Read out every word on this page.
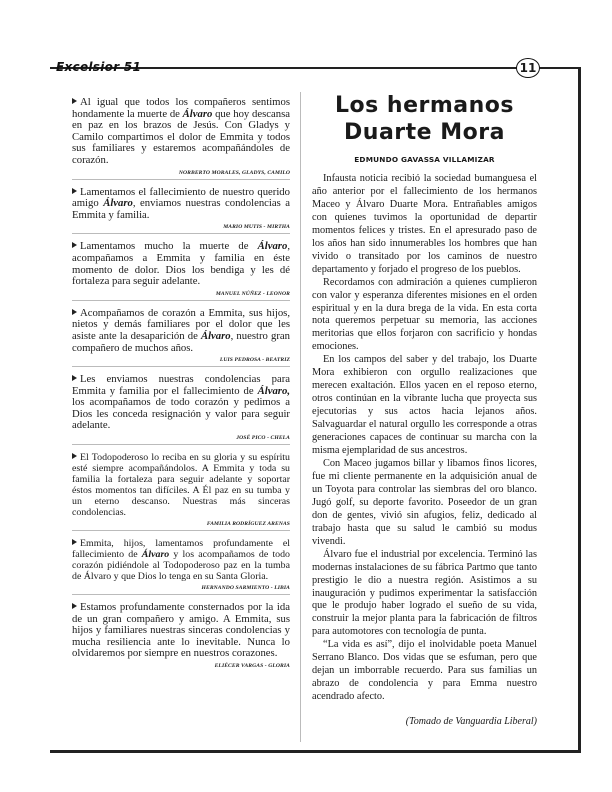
Excelsior 51	11

Al igual que todos los compañeros sentimos hondamente la muerte de Álvaro que hoy descansa en paz en los brazos de Jesús. Con Gladys y Camilo compartimos el dolor de Emmita y todos sus familiares y estaremos acompañándoles de corazón.

NORBERTO MORALES, GLADYS, CAMILO

Lamentamos el fallecimiento de nuestro querido amigo Álvaro, enviamos nuestras condolencias a Emmita y familia.

MARIO MUTIS - MIRTHA

Lamentamos mucho la muerte de Álvaro, acompañamos a Emmita y familia en éste momento de dolor. Dios los bendiga y les dé fortaleza para seguir adelante.

MANUEL NÚÑEZ - LEONOR

Acompañamos de corazón a Emmita, sus hijos, nietos y demás familiares por el dolor que les asiste ante la desaparición de Álvaro, nuestro gran compañero de muchos años.

LUIS PEDROSA - BEATRIZ

Les enviamos nuestras condolencias para Emmita y familia por el fallecimiento de Álvaro, los acompañamos de todo corazón y pedimos a Dios les conceda resignación y valor para seguir adelante.

JOSÉ PICO - CHELA

El Todopoderoso lo reciba en su gloria y su espíritu esté siempre acompañándolos. A Emmita y toda su familia la fortaleza para seguir adelante y soportar éstos momentos tan difíciles. A Él paz en su tumba y un eterno descanso. Nuestras más sinceras condolencias.

FAMILIA RODRÍGUEZ ARENAS

Emmita, hijos, lamentamos profundamente el fallecimiento de Álvaro y los acompañamos de todo corazón pidiéndole al Todopoderoso paz en la tumba de Álvaro y que Dios lo tenga en su Santa Gloria.

HERNANDO SARMIENTO - LIBIA

Estamos profundamente consternados por la ida de un gran compañero y amigo. A Emmita, sus hijos y familiares nuestras sinceras condolencias y mucha resiliencia ante lo inevitable. Nunca lo olvidaremos por siempre en nuestros corazones.

ELIÉCER VARGAS - GLORIA
Los hermanos
Duarte Mora
EDMUNDO GAVASSA VILLAMIZAR

Infausta noticia recibió la sociedad bumanguesa el año anterior por el fallecimiento de los hermanos Maceo y Álvaro Duarte Mora. Entrañables amigos con quienes tuvimos la oportunidad de departir momentos felices y tristes. En el apresurado paso de los años han sido innumerables los hombres que han vivido o transitado por los caminos de nuestro departamento y forjado el progreso de los pueblos.

Recordamos con admiración a quienes cumplieron con valor y esperanza diferentes misiones en el orden espiritual y en la dura brega de la vida. En esta corta nota queremos perpetuar su memoria, las acciones meritorias que ellos forjaron con sacrificio y hondas emociones.

En los campos del saber y del trabajo, los Duarte Mora exhibieron con orgullo realizaciones que merecen exaltación. Ellos yacen en el reposo eterno, otros continúan en la vibrante lucha que proyecta sus ejecutorias y sus actos hacia lejanos años. Salvaguardar el natural orgullo les corresponde a otras generaciones capaces de continuar su marcha con la misma ejemplaridad de sus ancestros.

Con Maceo jugamos billar y libamos finos licores, fue mi cliente permanente en la adquisición anual de un Toyota para controlar las siembras del oro blanco. Jugó golf, su deporte favorito. Poseedor de un gran don de gentes, vivió sin afugios, feliz, dedicado al trabajo hasta que su salud le cambió su modus vivendi.

Álvaro fue el industrial por excelencia. Terminó las modernas instalaciones de su fábrica Partmo que tanto prestigio le dio a nuestra región. Asistimos a su inauguración y pudimos experimentar la satisfacción que le produjo haber logrado el sueño de su vida, construir la mejor planta para la fabricación de filtros para automotores con tecnología de punta.

“La vida es así”, dijo el inolvidable poeta Manuel Serrano Blanco. Dos vidas que se esfuman, pero que dejan un imborrable recuerdo. Para sus familias un abrazo de condolencia y para Emma nuestro acendrado afecto.

(Tomado de Vanguardia Liberal)
